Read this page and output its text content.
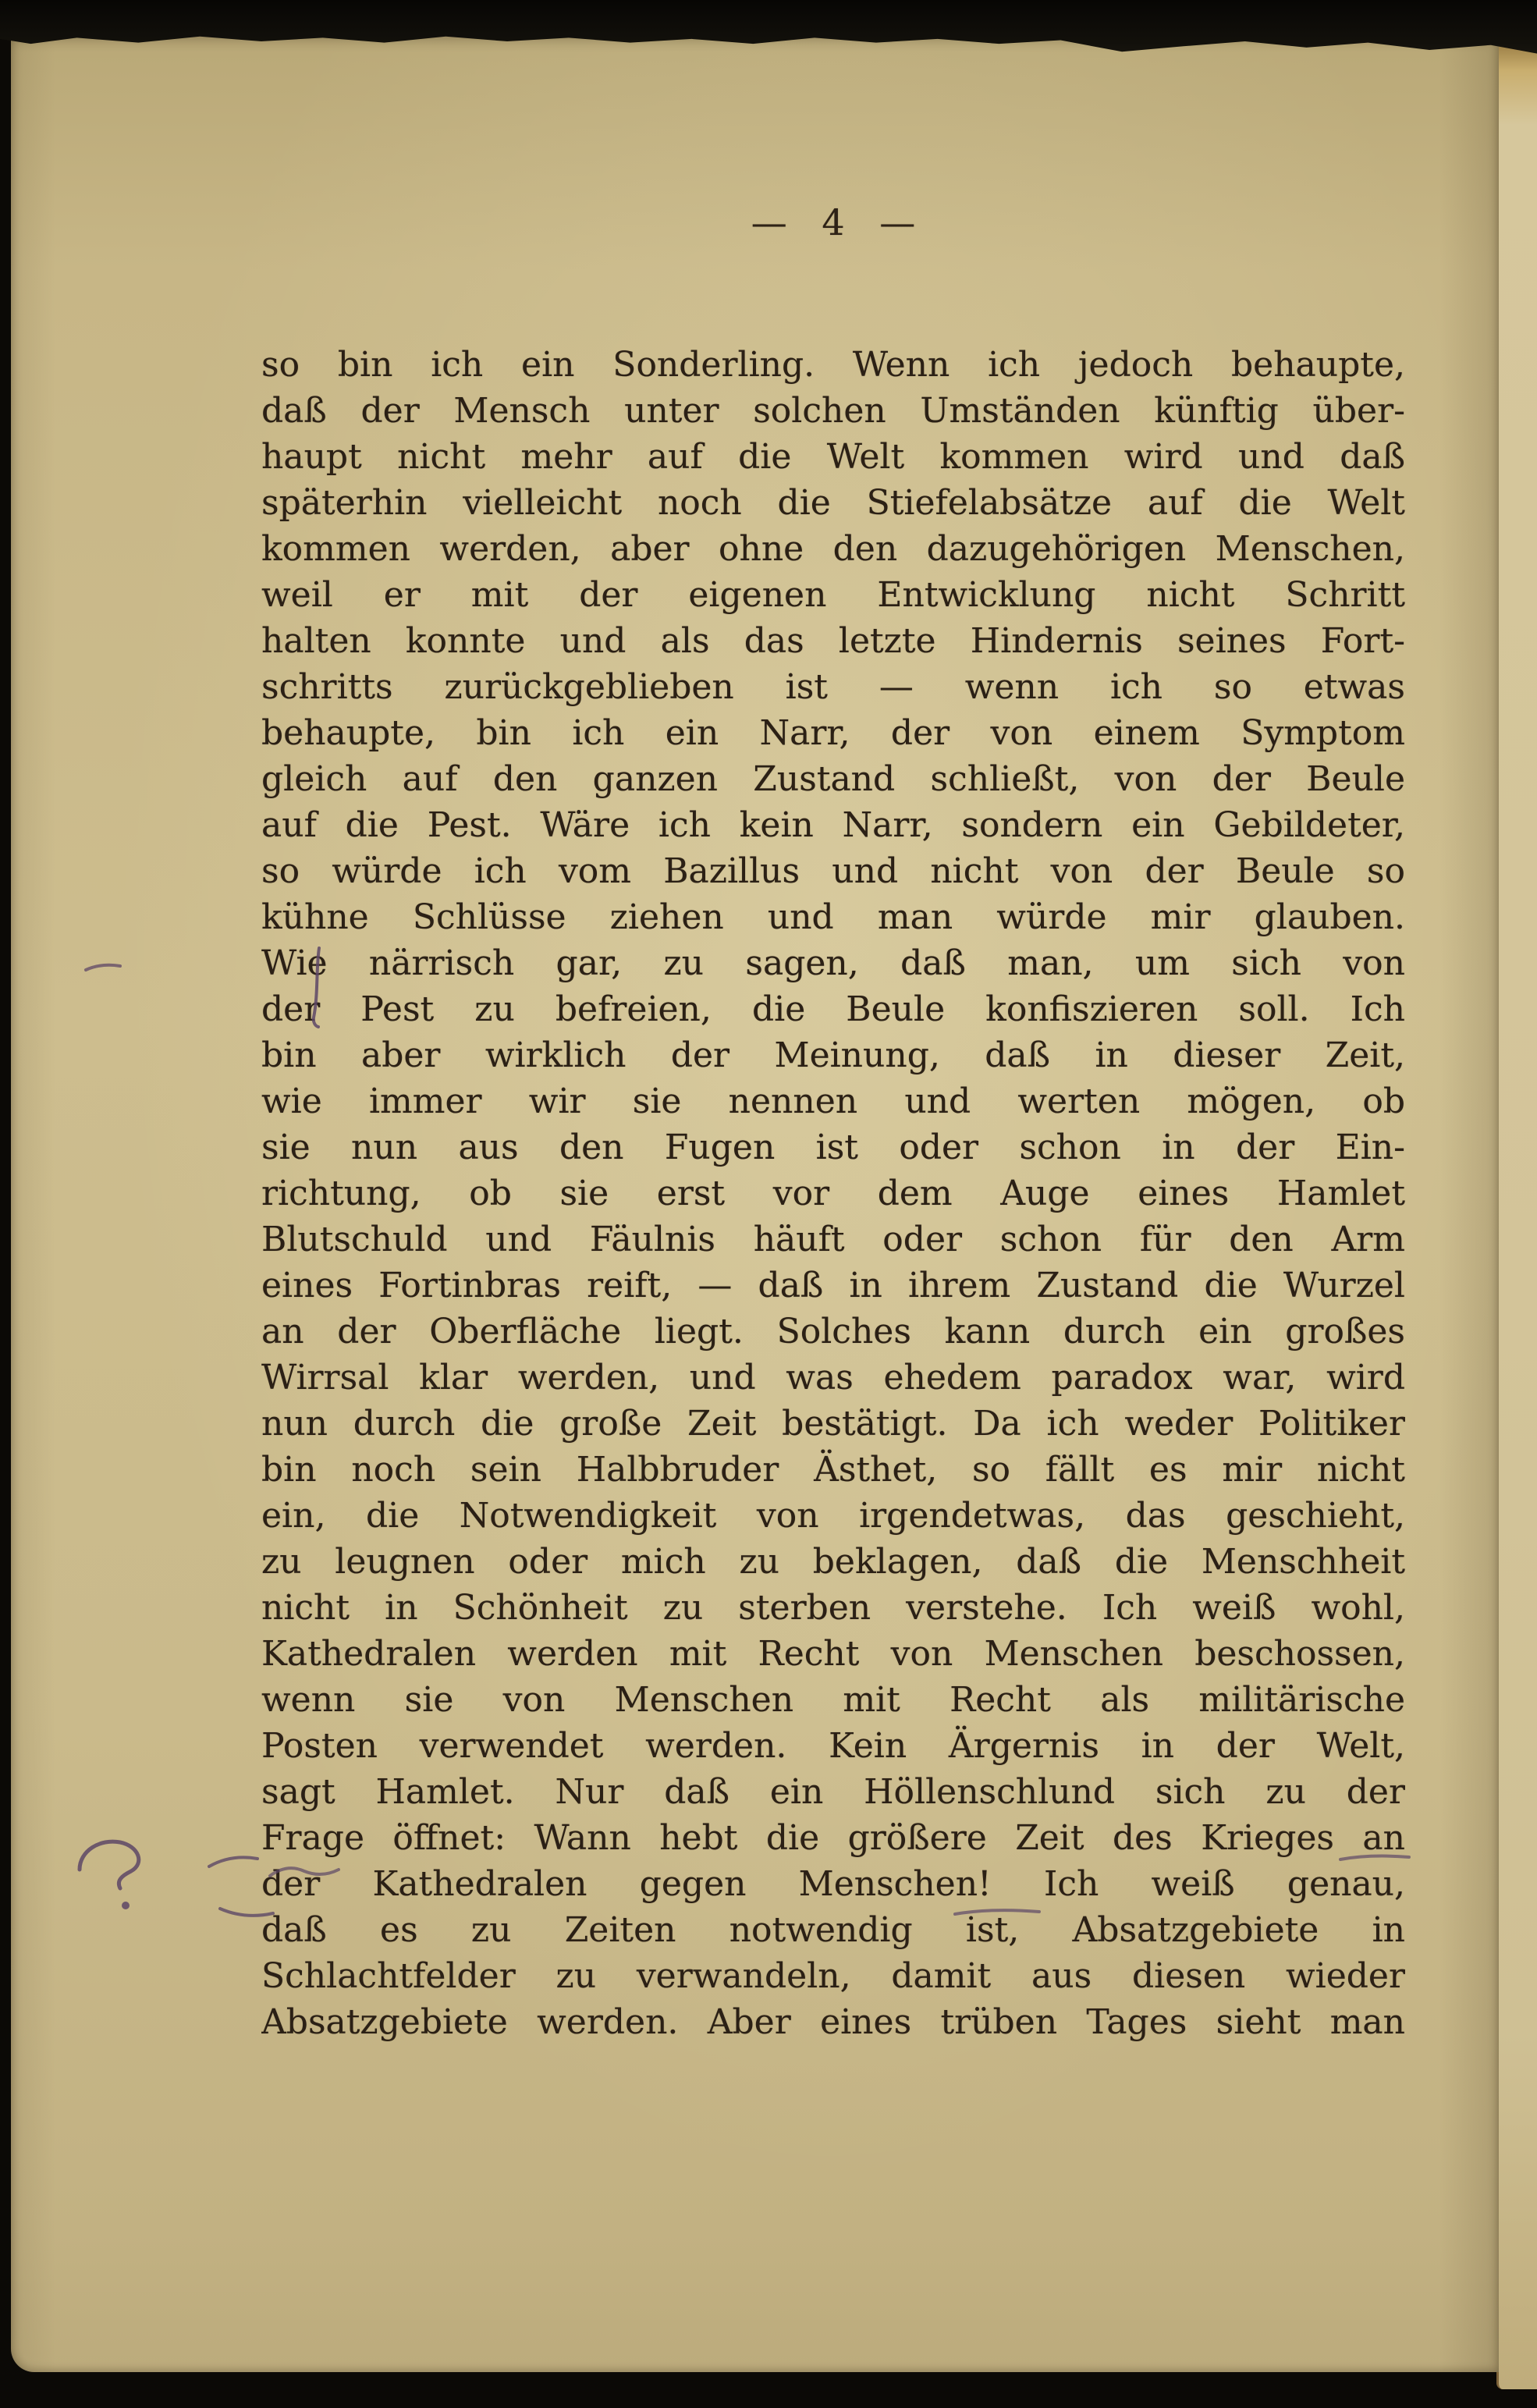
— 4 —
so bin ich ein Sonderling. Wenn ich jedoch behaupte,
daß der Mensch unter solchen Umständen künftig über-
haupt nicht mehr auf die Welt kommen wird und daß
späterhin vielleicht noch die Stiefelabsätze auf die Welt
kommen werden, aber ohne den dazugehörigen Menschen,
weil er mit der eigenen Entwicklung nicht Schritt
halten konnte und als das letzte Hindernis seines Fort-
schritts zurückgeblieben ist — wenn ich so etwas
behaupte, bin ich ein Narr, der von einem Symptom
gleich auf den ganzen Zustand schließt, von der Beule
auf die Pest. Wäre ich kein Narr, sondern ein Gebildeter,
so würde ich vom Bazillus und nicht von der Beule so
kühne Schlüsse ziehen und man würde mir glauben.
Wie närrisch gar, zu sagen, daß man, um sich von
der Pest zu befreien, die Beule konfiszieren soll. Ich
bin aber wirklich der Meinung, daß in dieser Zeit,
wie immer wir sie nennen und werten mögen, ob
sie nun aus den Fugen ist oder schon in der Ein-
richtung, ob sie erst vor dem Auge eines Hamlet
Blutschuld und Fäulnis häuft oder schon für den Arm
eines Fortinbras reift, — daß in ihrem Zustand die Wurzel
an der Oberfläche liegt. Solches kann durch ein großes
Wirrsal klar werden, und was ehedem paradox war, wird
nun durch die große Zeit bestätigt. Da ich weder Politiker
bin noch sein Halbbruder Ästhet, so fällt es mir nicht
ein, die Notwendigkeit von irgendetwas, das geschieht,
zu leugnen oder mich zu beklagen, daß die Menschheit
nicht in Schönheit zu sterben verstehe. Ich weiß wohl,
Kathedralen werden mit Recht von Menschen beschossen,
wenn sie von Menschen mit Recht als militärische
Posten verwendet werden. Kein Ärgernis in der Welt,
sagt Hamlet. Nur daß ein Höllenschlund sich zu der
Frage öffnet: Wann hebt die größere Zeit des Krieges an
der Kathedralen gegen Menschen! Ich weiß genau,
daß es zu Zeiten notwendig ist, Absatzgebiete in
Schlachtfelder zu verwandeln, damit aus diesen wieder
Absatzgebiete werden. Aber eines trüben Tages sieht man
